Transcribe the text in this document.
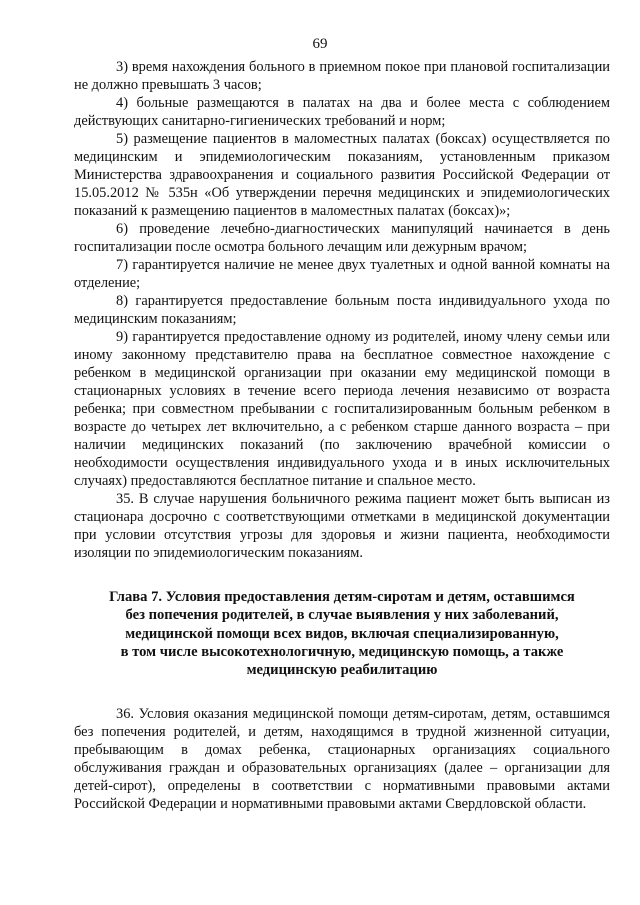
69

3) время нахождения больного в приемном покое при плановой госпитализации не должно превышать 3 часов;

4) больные размещаются в палатах на два и более места с соблюдением действующих санитарно-гигиенических требований и норм;

5) размещение пациентов в маломестных палатах (боксах) осуществляется по медицинским и эпидемиологическим показаниям, установленным приказом Министерства здравоохранения и социального развития Российской Федерации от 15.05.2012 № 535н «Об утверждении перечня медицинских и эпидемиологических показаний к размещению пациентов в маломестных палатах (боксах)»;

6) проведение лечебно-диагностических манипуляций начинается в день госпитализации после осмотра больного лечащим или дежурным врачом;

7) гарантируется наличие не менее двух туалетных и одной ванной комнаты на отделение;

8) гарантируется предоставление больным поста индивидуального ухода по медицинским показаниям;

9) гарантируется предоставление одному из родителей, иному члену семьи или иному законному представителю права на бесплатное совместное нахождение с ребенком в медицинской организации при оказании ему медицинской помощи в стационарных условиях в течение всего периода лечения независимо от возраста ребенка; при совместном пребывании с госпитализированным больным ребенком в возрасте до четырех лет включительно, а с ребенком старше данного возраста – при наличии медицинских показаний (по заключению врачебной комиссии о необходимости осуществления индивидуального ухода и в иных исключительных случаях) предоставляются бесплатное питание и спальное место.

35. В случае нарушения больничного режима пациент может быть выписан из стационара досрочно с соответствующими отметками в медицинской документации при условии отсутствия угрозы для здоровья и жизни пациента, необходимости изоляции по эпидемиологическим показаниям.

Глава 7. Условия предоставления детям-сиротам и детям, оставшимся
без попечения родителей, в случае выявления у них заболеваний,
медицинской помощи всех видов, включая специализированную,
в том числе высокотехнологичную, медицинскую помощь, а также
медицинскую реабилитацию

36. Условия оказания медицинской помощи детям-сиротам, детям, оставшимся без попечения родителей, и детям, находящимся в трудной жизненной ситуации, пребывающим в домах ребенка, стационарных организациях социального обслуживания граждан и образовательных организациях (далее – организации для детей-сирот), определены в соответствии с нормативными правовыми актами Российской Федерации и нормативными правовыми актами Свердловской области.
